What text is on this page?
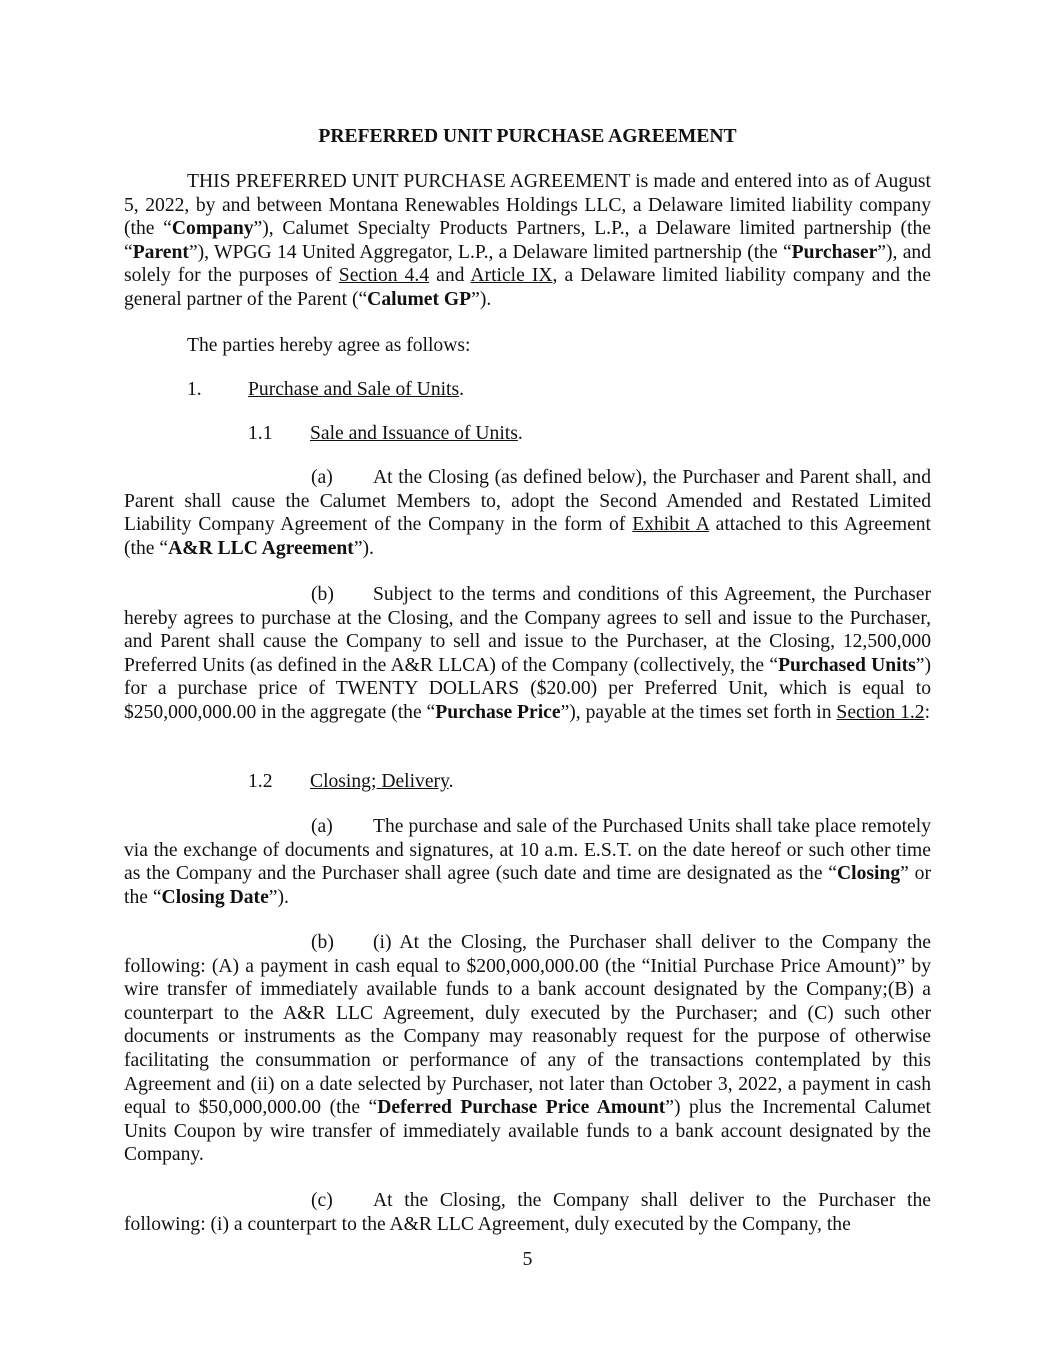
PREFERRED UNIT PURCHASE AGREEMENT

THIS PREFERRED UNIT PURCHASE AGREEMENT is made and entered into as of August 5, 2022, by and between Montana Renewables Holdings LLC, a Delaware limited liability company (the “Company”), Calumet Specialty Products Partners, L.P., a Delaware limited partnership (the “Parent”), WPGG 14 United Aggregator, L.P., a Delaware limited partnership (the “Purchaser”), and solely for the purposes of Section 4.4 and Article IX, a Delaware limited liability company and the general partner of the Parent (“Calumet GP”).

The parties hereby agree as follows:

1. Purchase and Sale of Units.
1.1 Sale and Issuance of Units.

(a) At the Closing (as defined below), the Purchaser and Parent shall, and Parent shall cause the Calumet Members to, adopt the Second Amended and Restated Limited Liability Company Agreement of the Company in the form of Exhibit A attached to this Agreement (the “A&R LLC Agreement”).

(b) Subject to the terms and conditions of this Agreement, the Purchaser hereby agrees to purchase at the Closing, and the Company agrees to sell and issue to the Purchaser, and Parent shall cause the Company to sell and issue to the Purchaser, at the Closing, 12,500,000 Preferred Units (as defined in the A&R LLCA) of the Company (collectively, the “Purchased Units”) for a purchase price of TWENTY DOLLARS ($20.00) per Preferred Unit, which is equal to $250,000,000.00 in the aggregate (the “Purchase Price”), payable at the times set forth in Section 1.2:

1.2 Closing; Delivery.

(a) The purchase and sale of the Purchased Units shall take place remotely via the exchange of documents and signatures, at 10 a.m. E.S.T. on the date hereof or such other time as the Company and the Purchaser shall agree (such date and time are designated as the “Closing” or the “Closing Date”).

(b) (i) At the Closing, the Purchaser shall deliver to the Company the following: (A) a payment in cash equal to $200,000,000.00 (the “Initial Purchase Price Amount)” by wire transfer of immediately available funds to a bank account designated by the Company;(B) a counterpart to the A&R LLC Agreement, duly executed by the Purchaser; and (C) such other documents or instruments as the Company may reasonably request for the purpose of otherwise facilitating the consummation or performance of any of the transactions contemplated by this Agreement and (ii) on a date selected by Purchaser, not later than October 3, 2022, a payment in cash equal to $50,000,000.00 (the “Deferred Purchase Price Amount”) plus the Incremental Calumet Units Coupon by wire transfer of immediately available funds to a bank account designated by the Company.

(c) At the Closing, the Company shall deliver to the Purchaser the following: (i) a counterpart to the A&R LLC Agreement, duly executed by the Company, the

5
